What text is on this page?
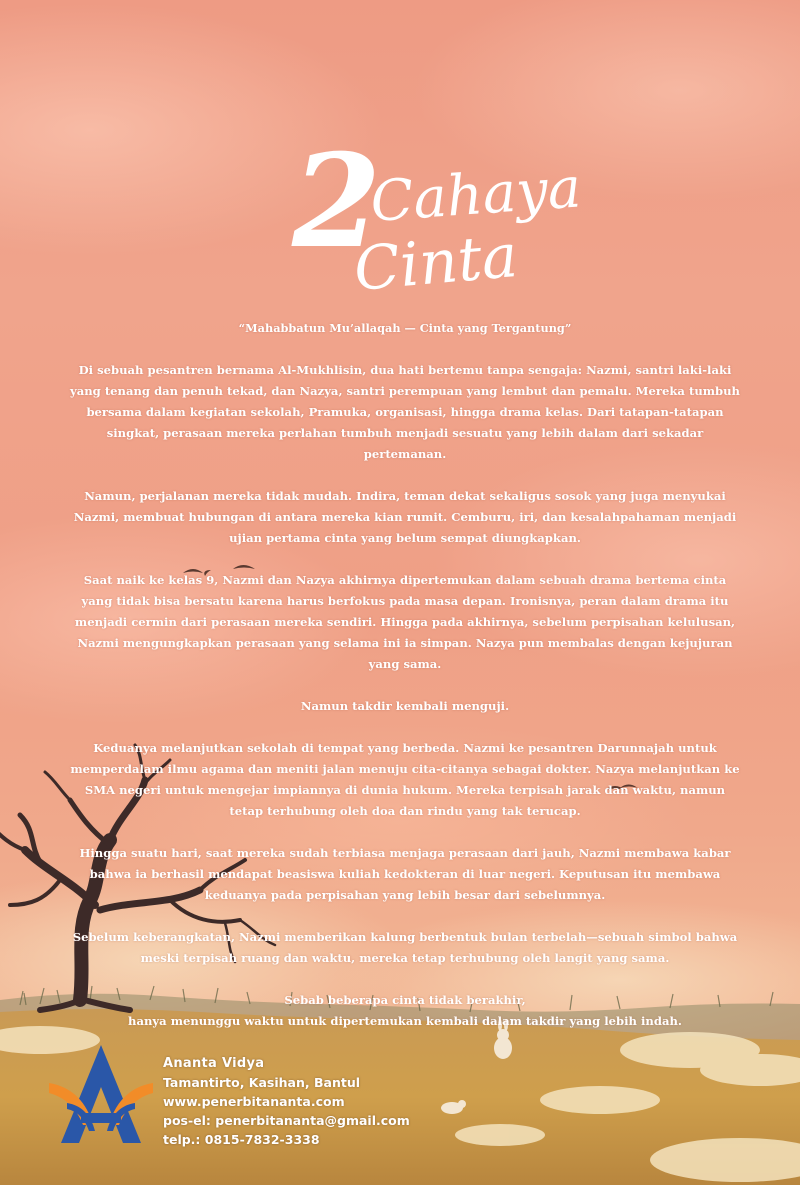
2
Cahaya
Cinta

“Mahabbatun Mu’allaqah — Cinta yang Tergantung”

Di sebuah pesantren bernama Al-Mukhlisin, dua hati bertemu tanpa sengaja: Nazmi, santri laki-laki yang tenang dan penuh tekad, dan Nazya, santri perempuan yang lembut dan pemalu. Mereka tumbuh bersama dalam kegiatan sekolah, Pramuka, organisasi, hingga drama kelas. Dari tatapan-tatapan singkat, perasaan mereka perlahan tumbuh menjadi sesuatu yang lebih dalam dari sekadar pertemanan.

Namun, perjalanan mereka tidak mudah. Indira, teman dekat sekaligus sosok yang juga menyukai Nazmi, membuat hubungan di antara mereka kian rumit. Cemburu, iri, dan kesalahpahaman menjadi ujian pertama cinta yang belum sempat diungkapkan.

Saat naik ke kelas 9, Nazmi dan Nazya akhirnya dipertemukan dalam sebuah drama bertema cinta yang tidak bisa bersatu karena harus berfokus pada masa depan. Ironisnya, peran dalam drama itu menjadi cermin dari perasaan mereka sendiri. Hingga pada akhirnya, sebelum perpisahan kelulusan, Nazmi mengungkapkan perasaan yang selama ini ia simpan. Nazya pun membalas dengan kejujuran yang sama.

Namun takdir kembali menguji.

Keduanya melanjutkan sekolah di tempat yang berbeda. Nazmi ke pesantren Darunnajah untuk memperdalam ilmu agama dan meniti jalan menuju cita-citanya sebagai dokter. Nazya melanjutkan ke SMA negeri untuk mengejar impiannya di dunia hukum. Mereka terpisah jarak dan waktu, namun tetap terhubung oleh doa dan rindu yang tak terucap.

Hingga suatu hari, saat mereka sudah terbiasa menjaga perasaan dari jauh, Nazmi membawa kabar bahwa ia berhasil mendapat beasiswa kuliah kedokteran di luar negeri. Keputusan itu membawa keduanya pada perpisahan yang lebih besar dari sebelumnya.

Sebelum keberangkatan, Nazmi memberikan kalung berbentuk bulan terbelah—sebuah simbol bahwa meski terpisah ruang dan waktu, mereka tetap terhubung oleh langit yang sama.

Sebab beberapa cinta tidak berakhir,
hanya menunggu waktu untuk dipertemukan kembali dalam takdir yang lebih indah.

Ananta Vidya
Tamantirto, Kasihan, Bantul
www.penerbitananta.com
pos-el: penerbitananta@gmail.com
telp.: 0815-7832-3338
